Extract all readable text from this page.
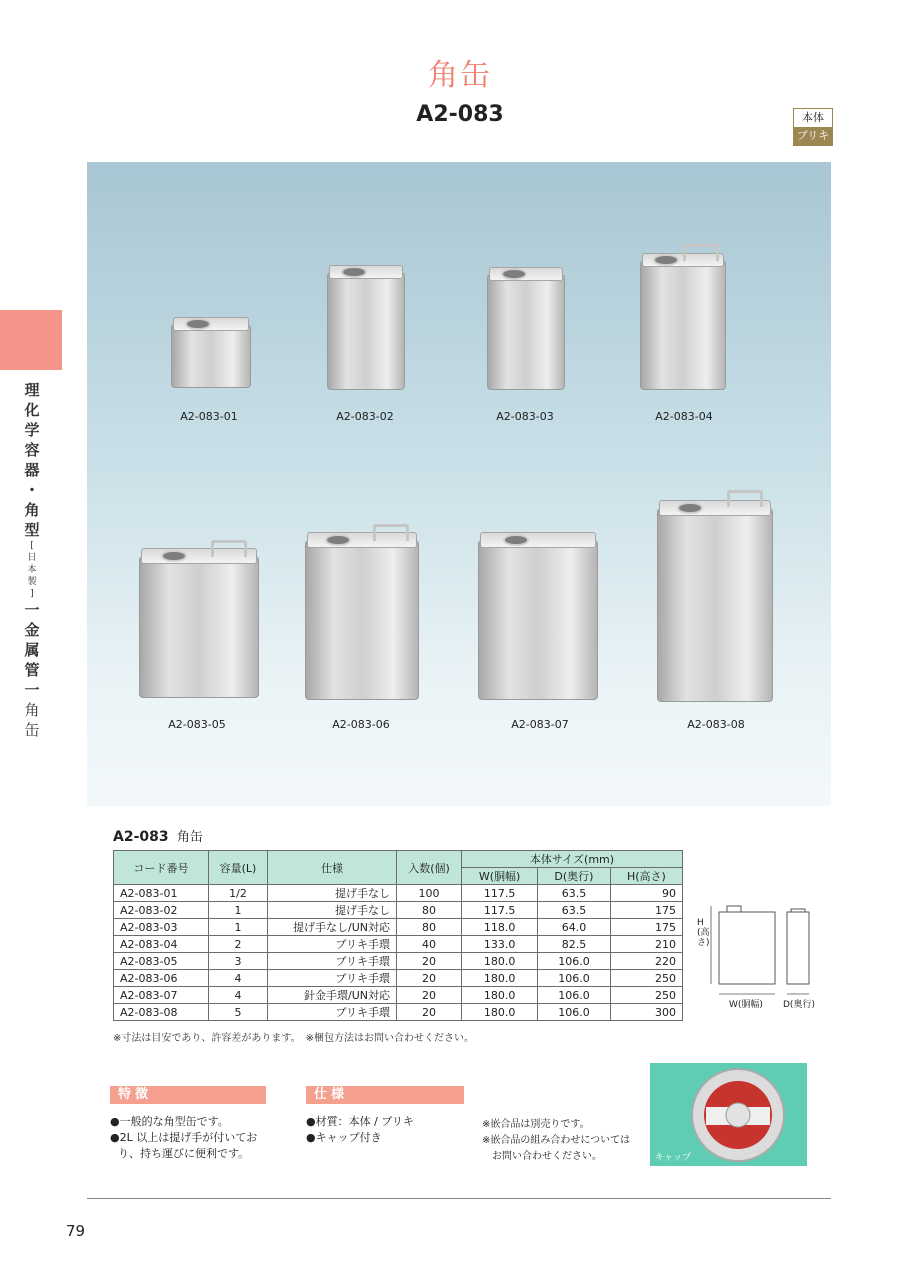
角缶
A2-083	本体
ブリキ
理
化
学
容
器
・
角
型
[
日
本
製
]
一
金
属
管
一
角
缶
A2-083-01	A2-083-02	A2-083-03	A2-083-04
A2-083-05	A2-083-06	A2-083-07	A2-083-08
A2-083 角缶
コード番号	容量(L)	仕様	入数(個)	本体サイズ(mm)		
				W(胴幅)	D(奥行)	H(高さ)
A2-083-01	1/2	提げ手なし	100	117.5	63.5	90
A2-083-02	1	提げ手なし	80	117.5	63.5	175
A2-083-03	1	提げ手なし/UN対応	80	118.0	64.0	175
A2-083-04	2	ブリキ手環	40	133.0	82.5	210
A2-083-05	3	ブリキ手環	20	180.0	106.0	220
A2-083-06	4	ブリキ手環	20	180.0	106.0	250
A2-083-07	4	針金手環/UN対応	20	180.0	106.0	250
A2-083-08	5	ブリキ手環	20	180.0	106.0	300
※寸法は目安であり、許容差があります。　※梱包方法はお問い合わせください。
H(高さ)
W(胴幅) D(奥行)
特徴
●一般的な角型缶です。
●2L 以上は提げ手が付いてお
り、持ち運びに便利です。
仕様
●材質：本体 / ブリキ
●キャップ付き
※嵌合品は別売りです。
※嵌合品の組み合わせについては
お問い合わせください。	キャップ
79
